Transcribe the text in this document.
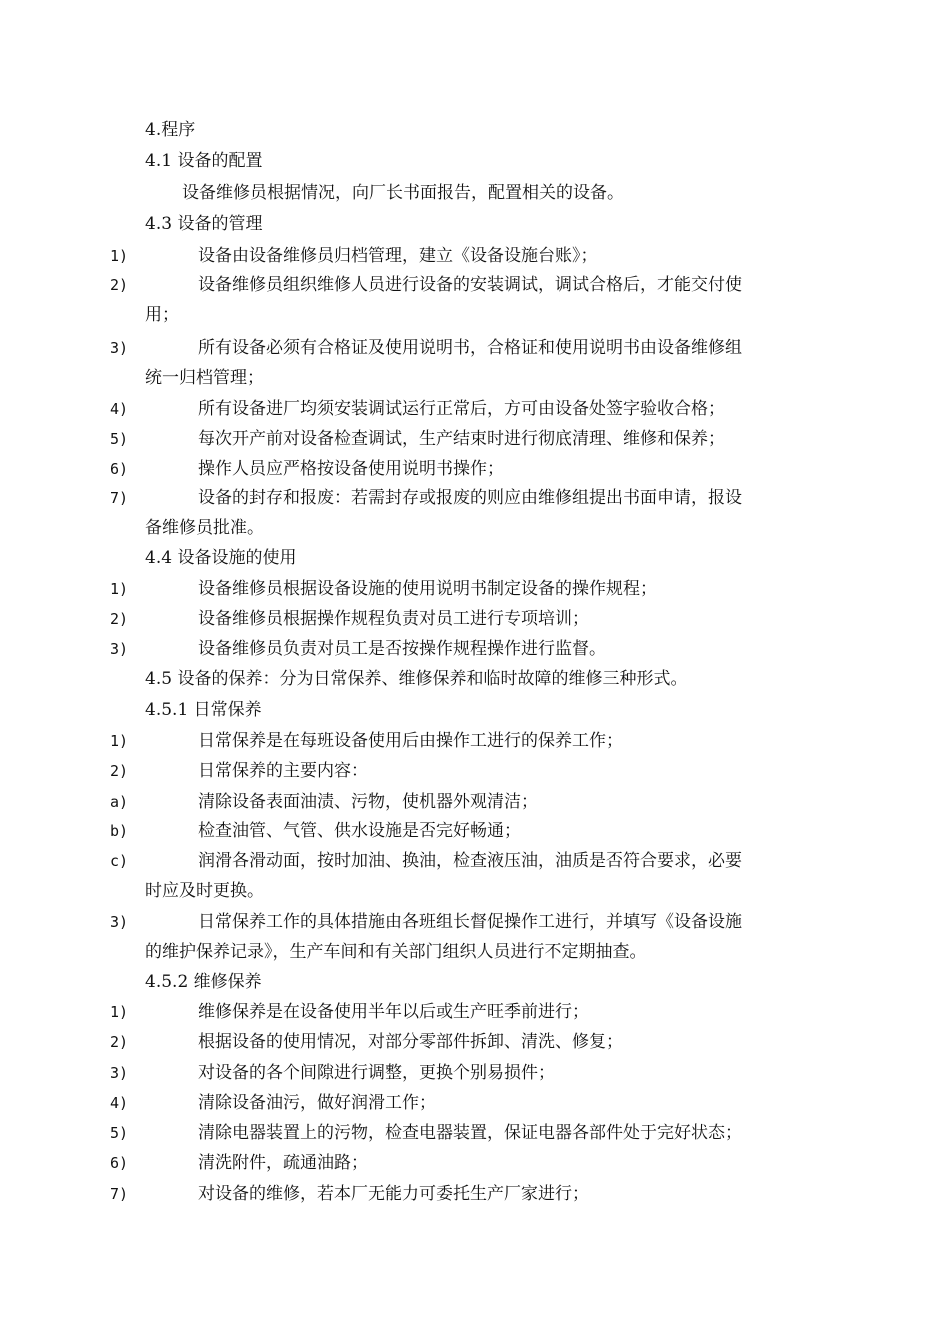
4.程序
4.1 设备的配置
设备维修员根据情况，向厂长书面报告，配置相关的设备。
4.3 设备的管理
1)	设备由设备维修员归档管理，建立《设备设施台账》；
2)	设备维修员组织维修人员进行设备的安装调试，调试合格后，才能交付使
用；
3)	所有设备必须有合格证及使用说明书，合格证和使用说明书由设备维修组
统一归档管理；
4)	所有设备进厂均须安装调试运行正常后，方可由设备处签字验收合格；
5)	每次开产前对设备检查调试，生产结束时进行彻底清理、维修和保养；
6)	操作人员应严格按设备使用说明书操作；
7)	设备的封存和报废：若需封存或报废的则应由维修组提出书面申请，报设
备维修员批准。
4.4 设备设施的使用
1)	设备维修员根据设备设施的使用说明书制定设备的操作规程；
2)	设备维修员根据操作规程负责对员工进行专项培训；
3)	设备维修员负责对员工是否按操作规程操作进行监督。
4.5 设备的保养：分为日常保养、维修保养和临时故障的维修三种形式。
4.5.1 日常保养
1)	日常保养是在每班设备使用后由操作工进行的保养工作；
2)	日常保养的主要内容：
a)	清除设备表面油渍、污物，使机器外观清洁；
b)	检查油管、气管、供水设施是否完好畅通；
c)	润滑各滑动面，按时加油、换油，检查液压油，油质是否符合要求，必要
时应及时更换。
3)	日常保养工作的具体措施由各班组长督促操作工进行，并填写《设备设施
的维护保养记录》，生产车间和有关部门组织人员进行不定期抽查。
4.5.2 维修保养
1)	维修保养是在设备使用半年以后或生产旺季前进行；
2)	根据设备的使用情况，对部分零部件拆卸、清洗、修复；
3)	对设备的各个间隙进行调整，更换个别易损件；
4)	清除设备油污，做好润滑工作；
5)	清除电器装置上的污物，检查电器装置，保证电器各部件处于完好状态；
6)	清洗附件，疏通油路；
7)	对设备的维修，若本厂无能力可委托生产厂家进行；
